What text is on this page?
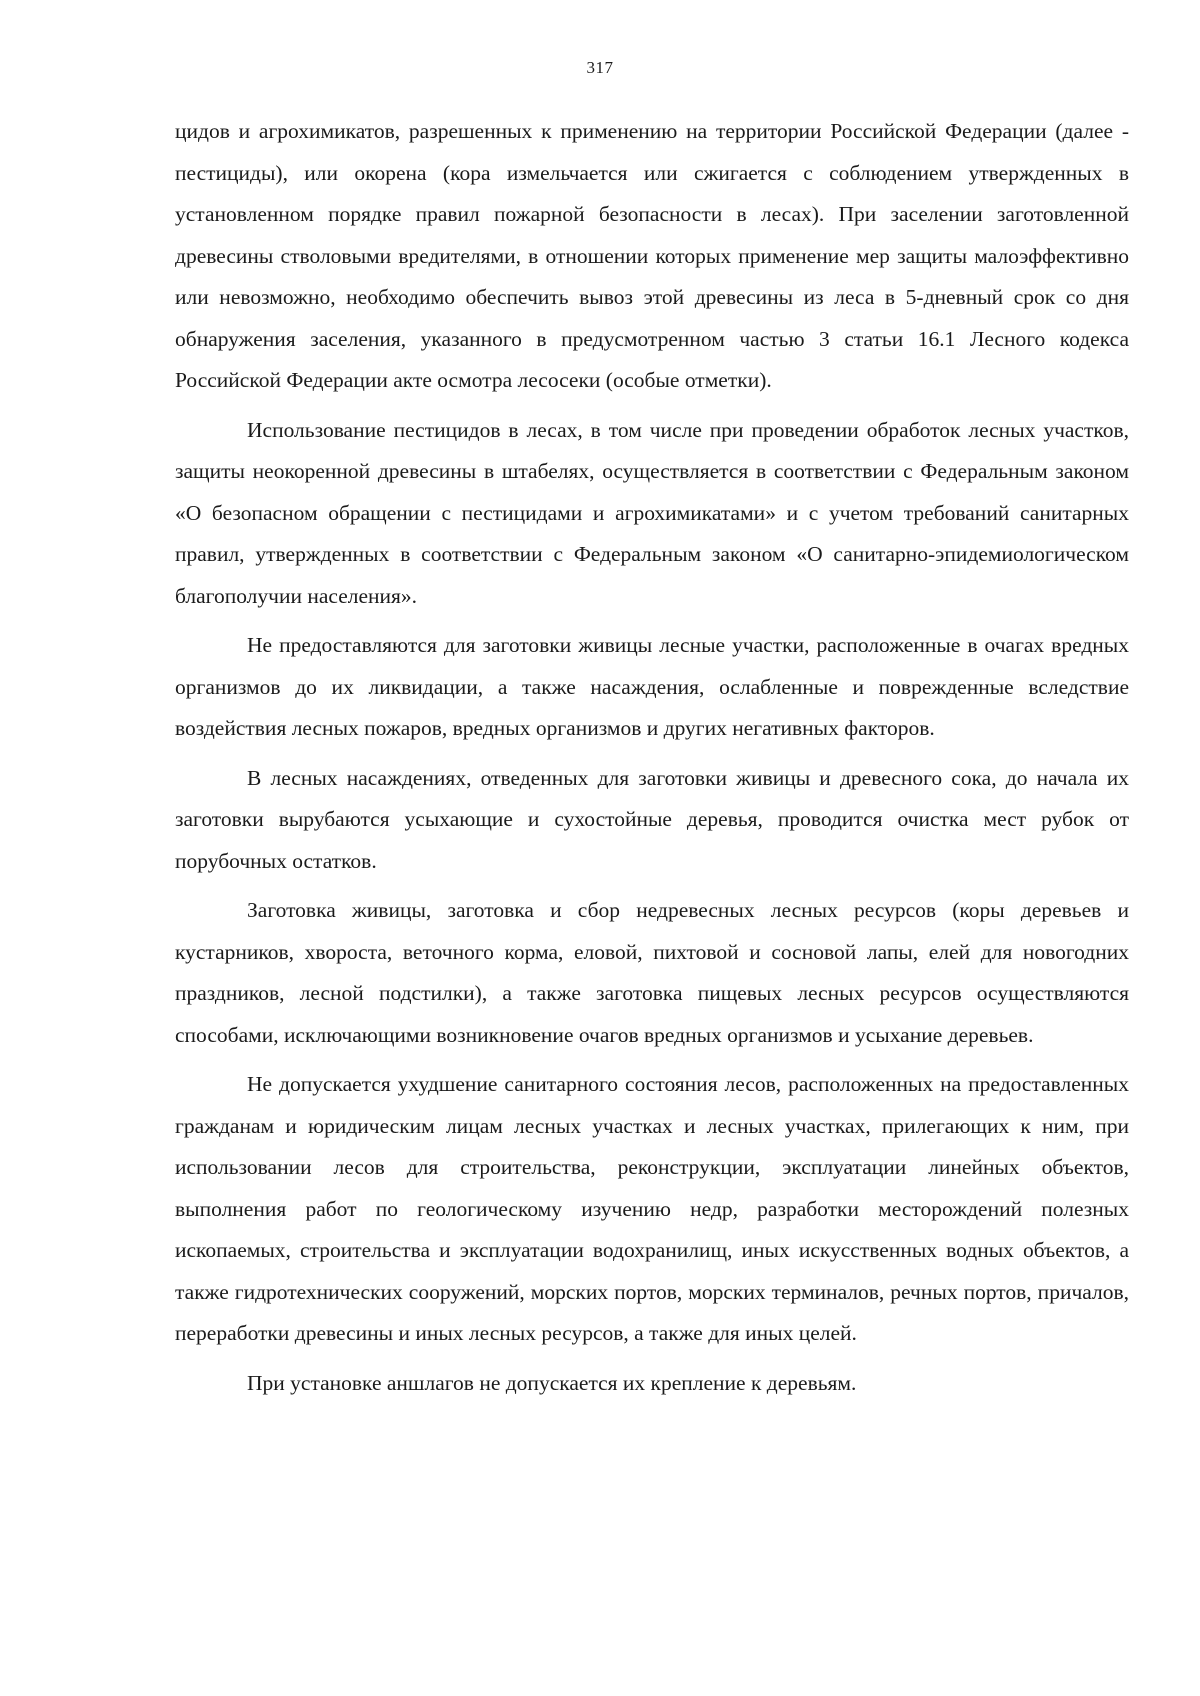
317

цидов и агрохимикатов, разрешенных к применению на территории Российской Федерации (далее - пестициды), или окорена (кора измельчается или сжигается с соблюдением утвержденных в установленном порядке правил пожарной безопасности в лесах). При заселении заготовленной древесины стволовыми вредителями, в отношении которых применение мер защиты малоэффективно или невозможно, необходимо обеспечить вывоз этой древесины из леса в 5-дневный срок со дня обнаружения заселения, указанного в предусмотренном частью 3 статьи 16.1 Лесного кодекса Российской Федерации акте осмотра лесосеки (особые отметки).

Использование пестицидов в лесах, в том числе при проведении обработок лесных участков, защиты неокоренной древесины в штабелях, осуществляется в соответствии с Федеральным законом «О безопасном обращении с пестицидами и агрохимикатами» и с учетом требований санитарных правил, утвержденных в соответствии с Федеральным законом «О санитарно-эпидемиологическом благополучии населения».

Не предоставляются для заготовки живицы лесные участки, расположенные в очагах вредных организмов до их ликвидации, а также насаждения, ослабленные и поврежденные вследствие воздействия лесных пожаров, вредных организмов и других негативных факторов.

В лесных насаждениях, отведенных для заготовки живицы и древесного сока, до начала их заготовки вырубаются усыхающие и сухостойные деревья, проводится очистка мест рубок от порубочных остатков.

Заготовка живицы, заготовка и сбор недревесных лесных ресурсов (коры деревьев и кустарников, хвороста, веточного корма, еловой, пихтовой и сосновой лапы, елей для новогодних праздников, лесной подстилки), а также заготовка пищевых лесных ресурсов осуществляются способами, исключающими возникновение очагов вредных организмов и усыхание деревьев.

Не допускается ухудшение санитарного состояния лесов, расположенных на предоставленных гражданам и юридическим лицам лесных участках и лесных участках, прилегающих к ним, при использовании лесов для строительства, реконструкции, эксплуатации линейных объектов, выполнения работ по геологическому изучению недр, разработки месторождений полезных ископаемых, строительства и эксплуатации водохранилищ, иных искусственных водных объектов, а также гидротехнических сооружений, морских портов, морских терминалов, речных портов, причалов, переработки древесины и иных лесных ресурсов, а также для иных целей.

При установке аншлагов не допускается их крепление к деревьям.
